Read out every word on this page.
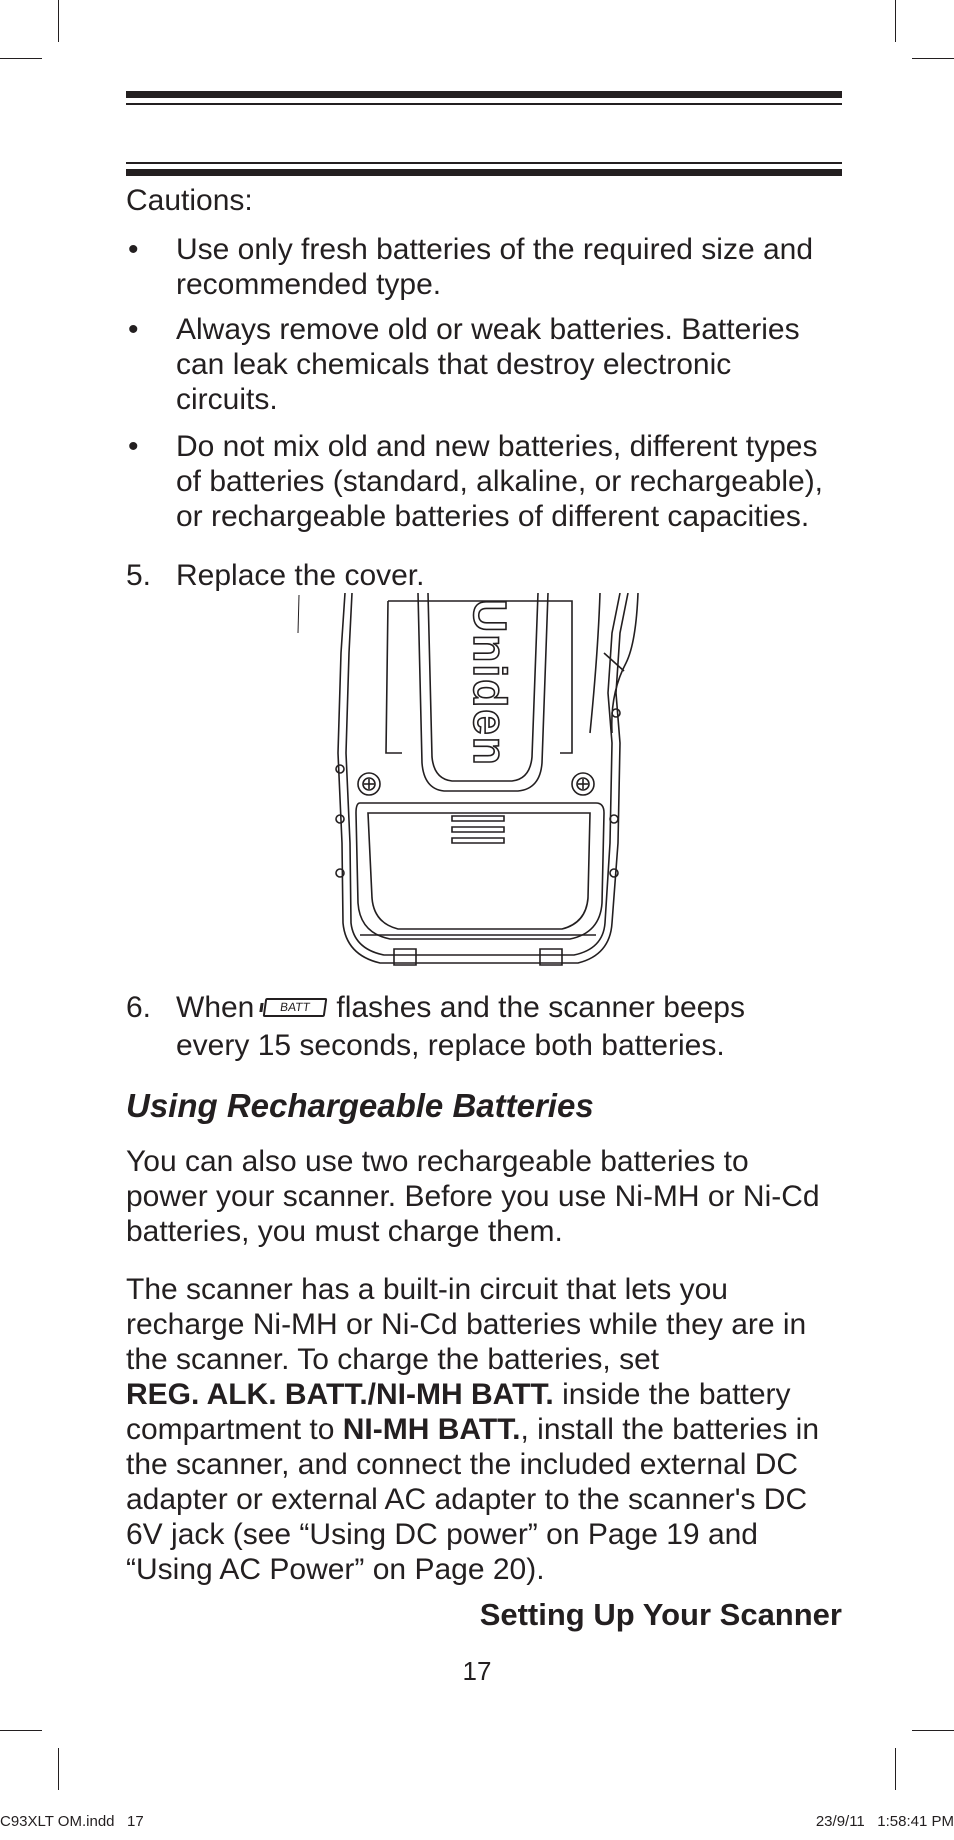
Cautions:
• Use only fresh batteries of the required size and
recommended type.
• Always remove old or weak batteries. Batteries
can leak chemicals that destroy electronic
circuits.
• Do not mix old and new batteries, different types
of batteries (standard, alkaline, or rechargeable),
or rechargeable batteries of different capacities.
5. Replace the cover.
Uniden
6. When BATT flashes and the scanner beeps
every 15 seconds, replace both batteries.
Using Rechargeable Batteries
You can also use two rechargeable batteries to
power your scanner. Before you use Ni-MH or Ni-Cd
batteries, you must charge them.
The scanner has a built-in circuit that lets you
recharge Ni-MH or Ni-Cd batteries while they are in
the scanner. To charge the batteries, set
REG. ALK. BATT./NI-MH BATT. inside the battery
compartment to NI-MH BATT., install the batteries in
the scanner, and connect the included external DC
adapter or external AC adapter to the scanner's DC
6V jack (see “Using DC power” on Page 19 and
“Using AC Power” on Page 20).
Setting Up Your Scanner
17
C93XLT OM.indd   17	23/9/11   1:58:41 PM
